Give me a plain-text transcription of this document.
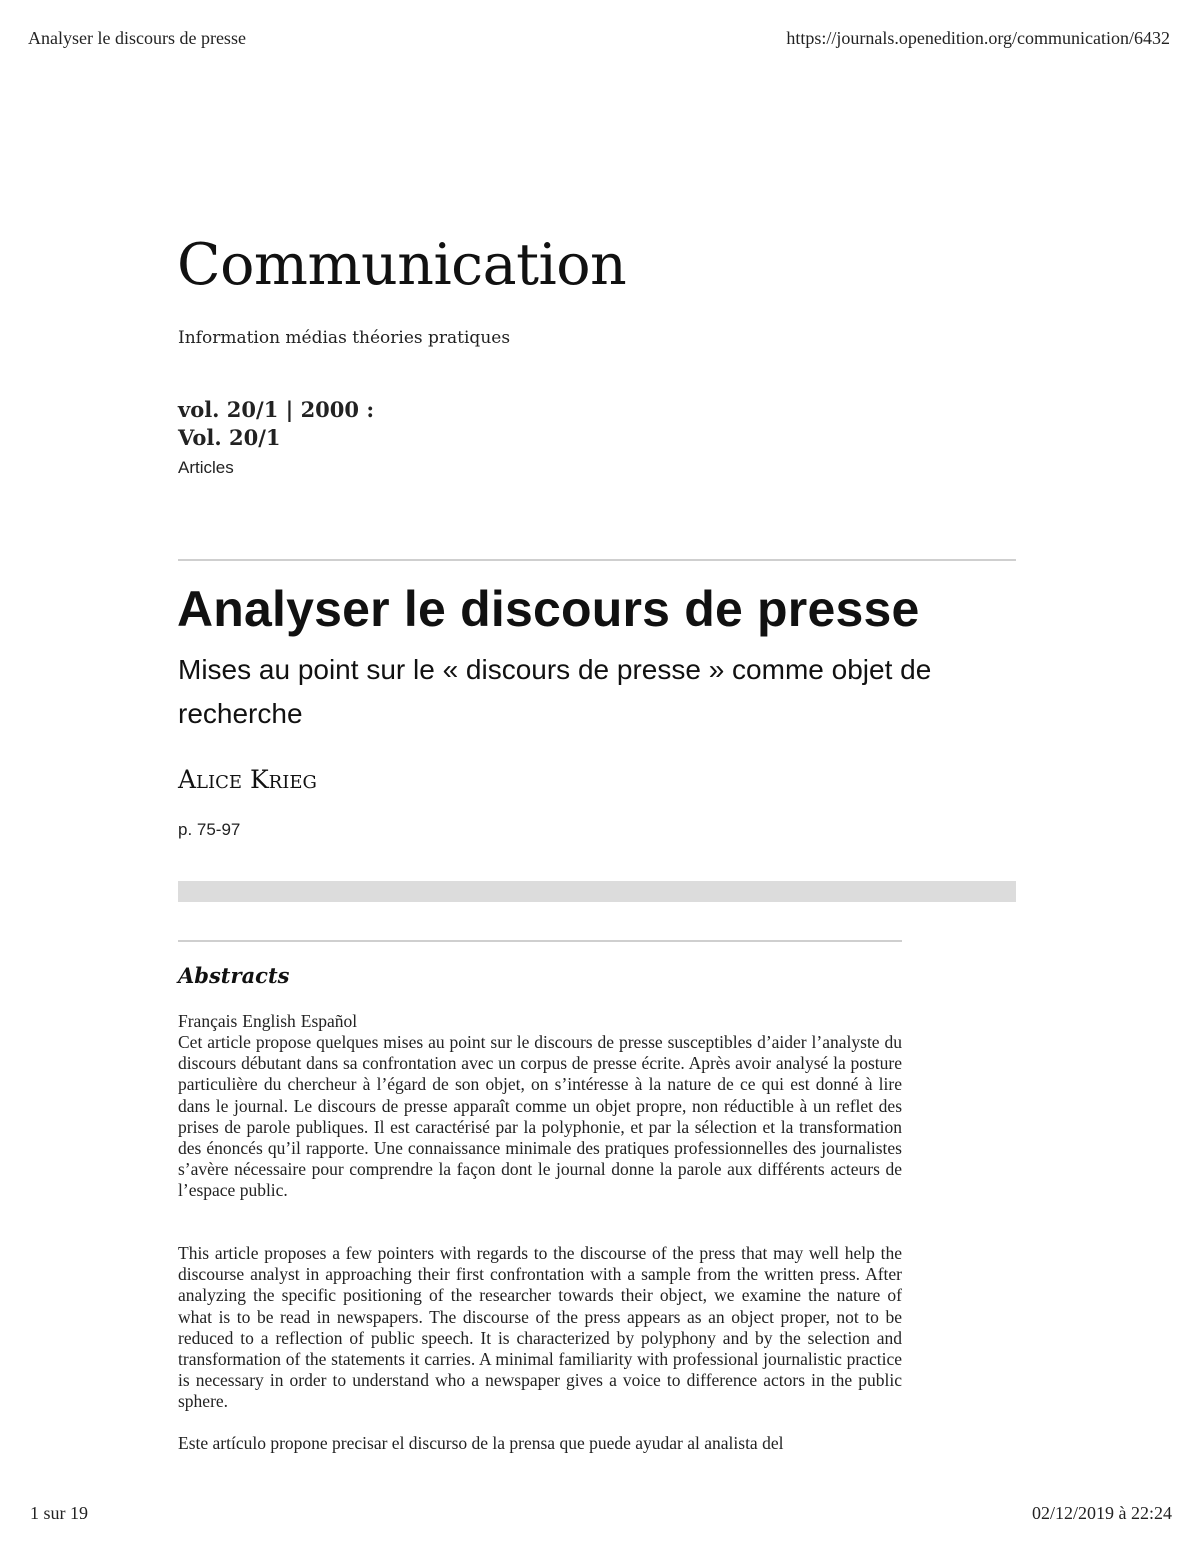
Analyser le discours de presse	https://journals.openedition.org/communication/6432
Communication
Information médias théories pratiques
vol. 20/1 | 2000 :
Vol. 20/1
Articles
Analyser le discours de presse

Mises au point sur le « discours de presse » comme objet de recherche

Alice Krieg
p. 75-97
Abstracts
Français English Español

Cet article propose quelques mises au point sur le discours de presse susceptibles d’aider l’analyste du discours débutant dans sa confrontation avec un corpus de presse écrite. Après avoir analysé la posture particulière du chercheur à l’égard de son objet, on s’intéresse à la nature de ce qui est donné à lire dans le journal. Le discours de presse apparaît comme un objet propre, non réductible à un reflet des prises de parole publiques. Il est caractérisé par la polyphonie, et par la sélection et la transformation des énoncés qu’il rapporte. Une connaissance minimale des pratiques professionnelles des journalistes s’avère nécessaire pour comprendre la façon dont le journal donne la parole aux différents acteurs de l’espace public.

This article proposes a few pointers with regards to the discourse of the press that may well help the discourse analyst in approaching their first confrontation with a sample from the written press. After analyzing the specific positioning of the researcher towards their object, we examine the nature of what is to be read in newspapers. The discourse of the press appears as an object proper, not to be reduced to a reflection of public speech. It is characterized by polyphony and by the selection and transformation of the statements it carries. A minimal familiarity with professional journalistic practice is necessary in order to understand who a newspaper gives a voice to difference actors in the public sphere.

Este artículo propone precisar el discurso de la prensa que puede ayudar al analista del

1 sur 19	02/12/2019 à 22:24
